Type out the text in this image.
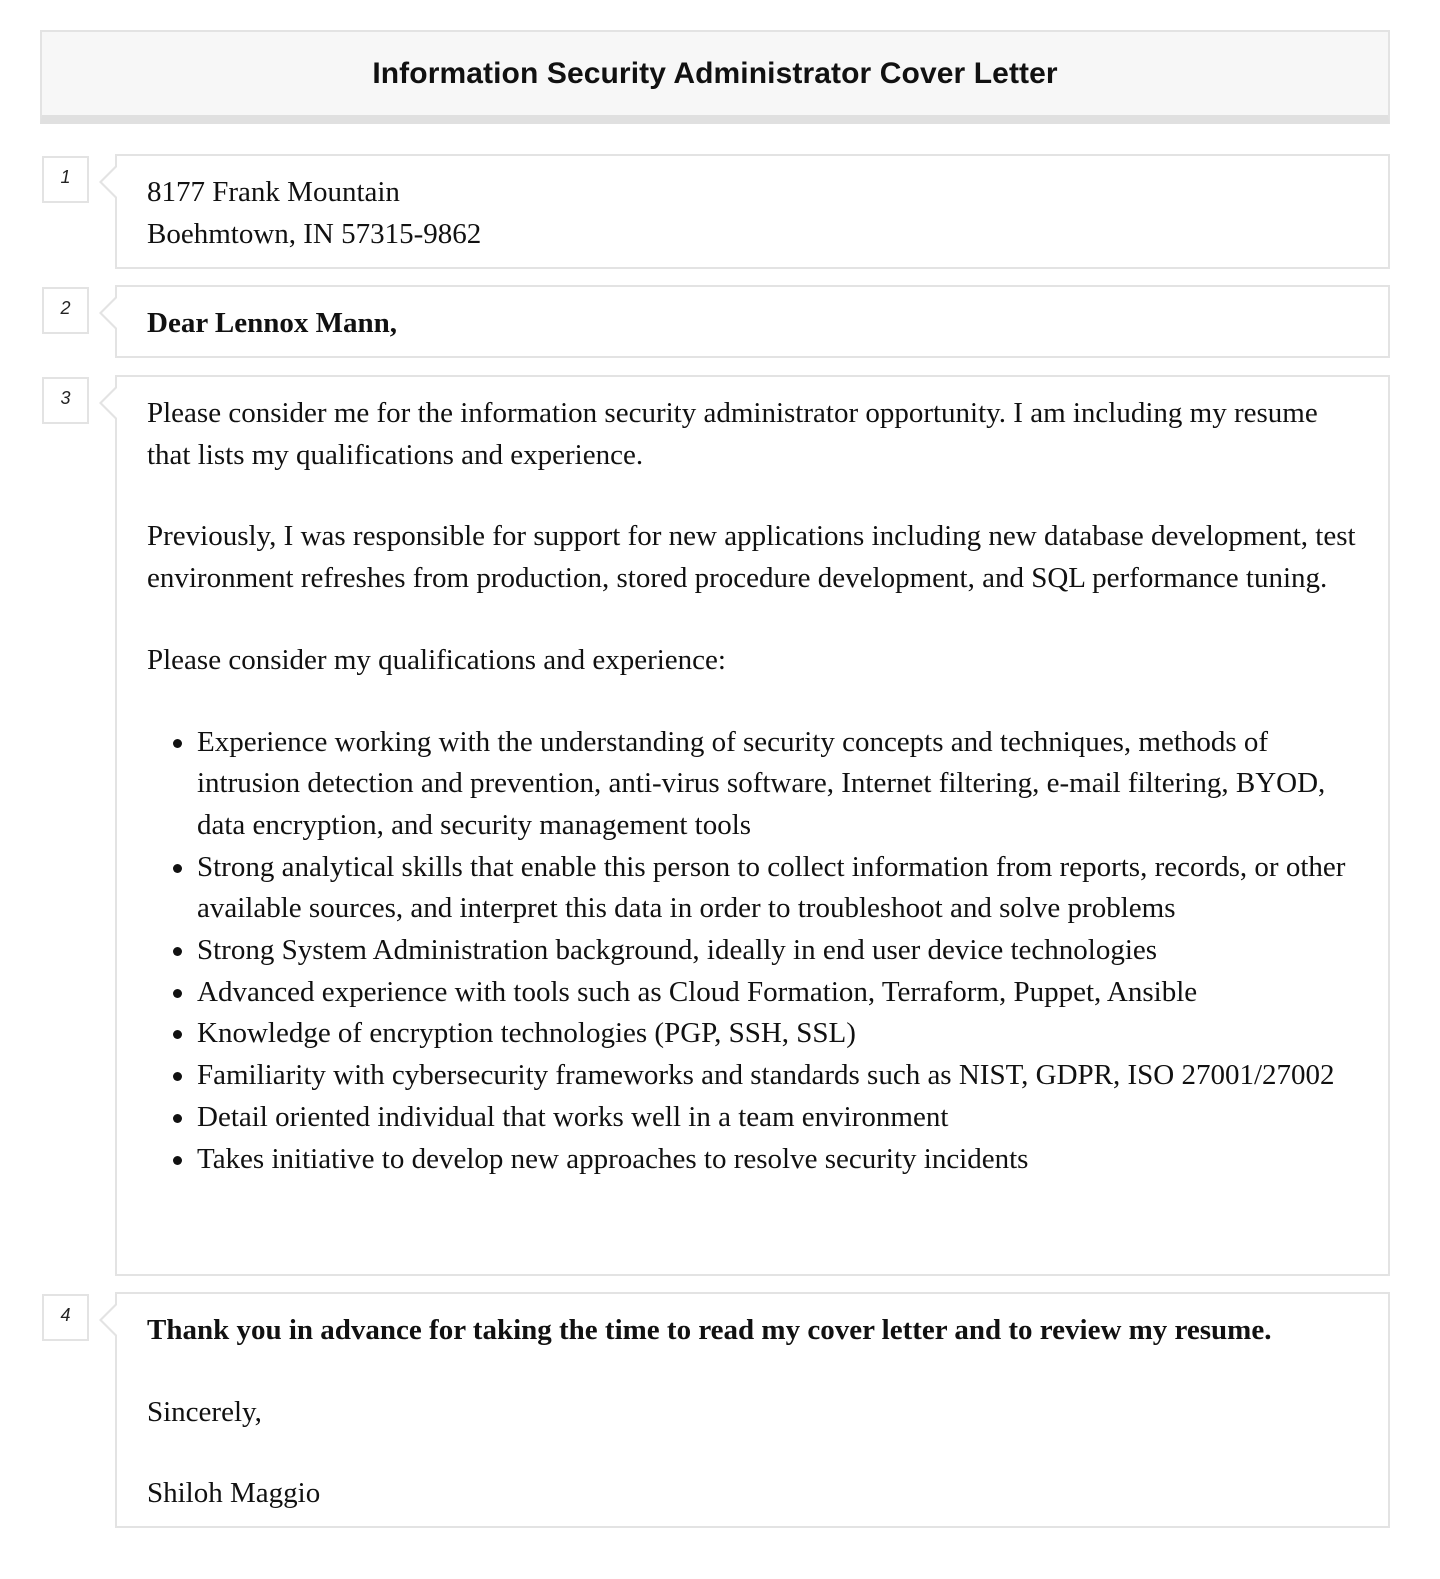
Information Security Administrator Cover Letter
1	8177 Frank Mountain
Boehmtown, IN 57315-9862
2	Dear Lennox Mann,
3	Please consider me for the information security administrator opportunity. I am including my resume that lists my qualifications and experience.

Previously, I was responsible for support for new applications including new database development, test environment refreshes from production, stored procedure development, and SQL performance tuning.

Please consider my qualifications and experience:

Experience working with the understanding of security concepts and techniques, methods of intrusion detection and prevention, anti-virus software, Internet filtering, e-mail filtering, BYOD, data encryption, and security management tools
Strong analytical skills that enable this person to collect information from reports, records, or other available sources, and interpret this data in order to troubleshoot and solve problems
Strong System Administration background, ideally in end user device technologies
Advanced experience with tools such as Cloud Formation, Terraform, Puppet, Ansible
Knowledge of encryption technologies (PGP, SSH, SSL)
Familiarity with cybersecurity frameworks and standards such as NIST, GDPR, ISO 27001/27002
Detail oriented individual that works well in a team environment
Takes initiative to develop new approaches to resolve security incidents
4	Thank you in advance for taking the time to read my cover letter and to review my resume.

Sincerely,

Shiloh Maggio
